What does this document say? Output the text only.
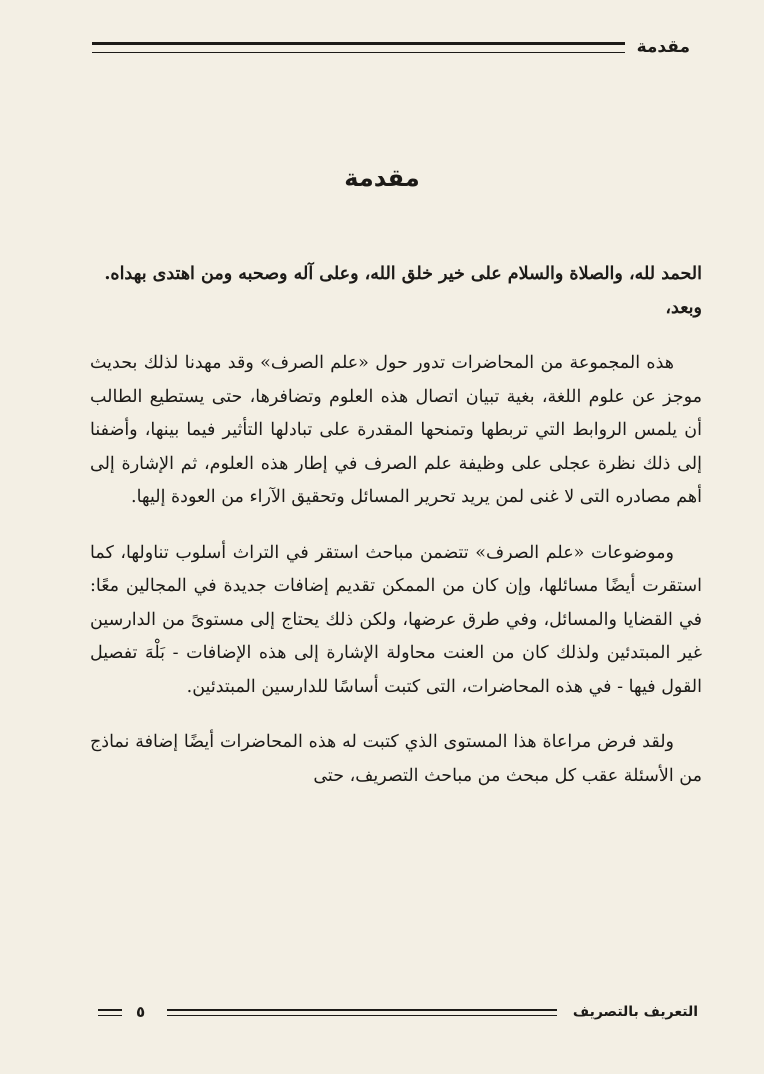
مقدمة
مقدمة

الحمد لله، والصلاة والسلام على خير خلق الله، وعلى آله وصحبه ومن اهتدى بهداه.

وبعد،

هذه المجموعة من المحاضرات تدور حول «علم الصرف» وقد مهدنا لذلك بحديث موجز عن علوم اللغة، بغية تبيان اتصال هذه العلوم وتضافرها، حتى يستطيع الطالب أن يلمس الروابط التي تربطها وتمنحها المقدرة على تبادلها التأثير فيما بينها، وأضفنا إلى ذلك نظرة عجلى على وظيفة علم الصرف في إطار هذه العلوم، ثم الإشارة إلى أهم مصادره التى لا غنى لمن يريد تحرير المسائل وتحقيق الآراء من العودة إليها.

وموضوعات «علم الصرف» تتضمن مباحث استقر في التراث أسلوب تناولها، كما استقرت أيضًا مسائلها، وإن كان من الممكن تقديم إضافات جديدة في المجالين معًا: في القضايا والمسائل، وفي طرق عرضها، ولكن ذلك يحتاج إلى مستوىً من الدارسين غير المبتدئين ولذلك كان من العنت محاولة الإشارة إلى هذه الإضافات - بَلْهَ تفصيل القول فيها - في هذه المحاضرات، التى كتبت أساسًا للدارسين المبتدئين.

ولقد فرض مراعاة هذا المستوى الذي كتبت له هذه المحاضرات أيضًا إضافة نماذج من الأسئلة عقب كل مبحث من مباحث التصريف، حتى

التعريف بالتصريف
٥
